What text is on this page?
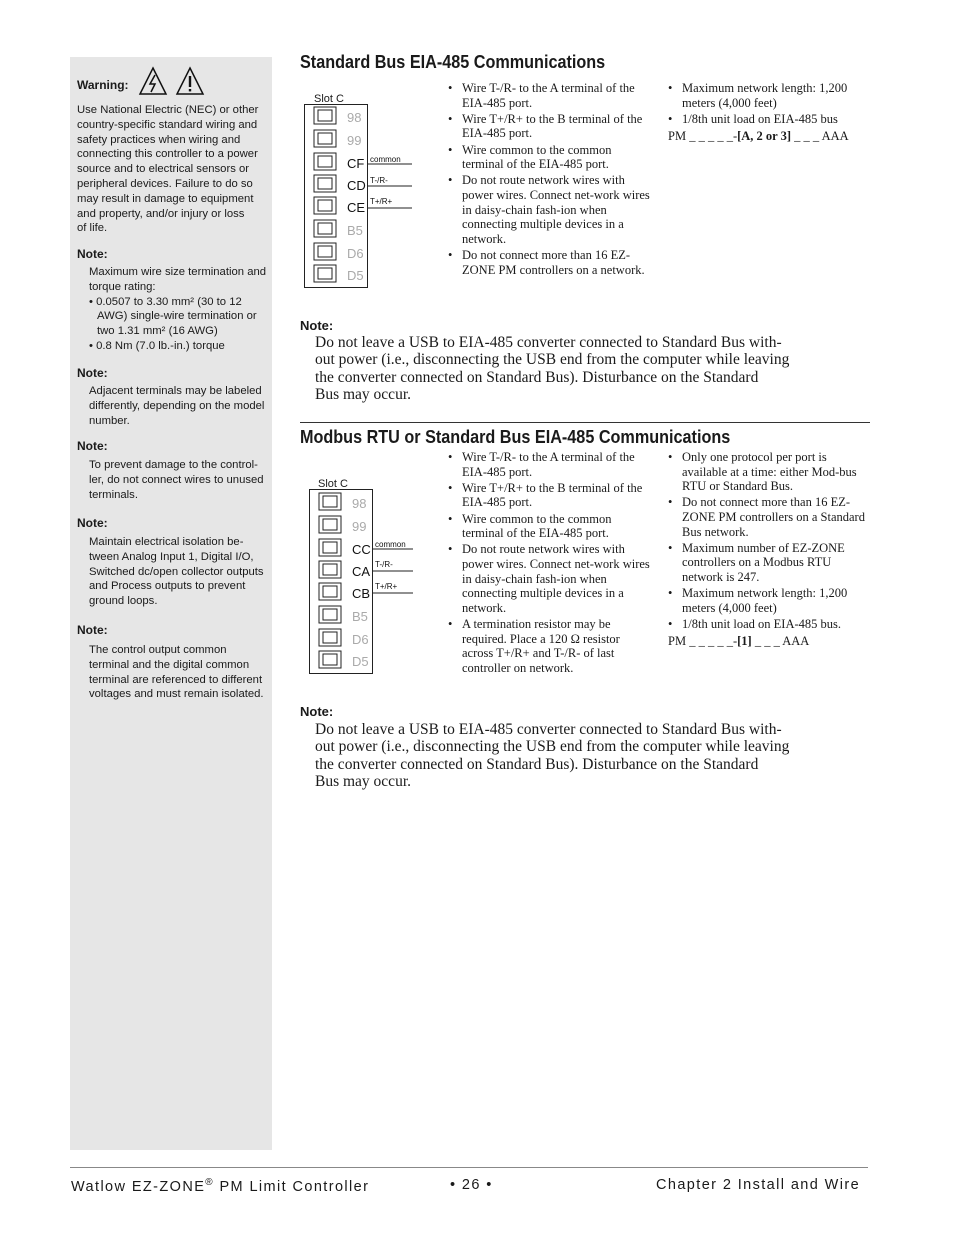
Warning:
Use National Electric (NEC) or other
country-specific standard wiring and
safety practices when wiring and
connecting this controller to a power
source and to electrical sensors or
peripheral devices. Failure to do so
may result in damage to equipment
and property, and/or injury or loss
of life.
Note:
Maximum wire size termination and
torque rating:
• 0.0507 to 3.30 mm² (30 to 12
AWG) single-wire termination or
two 1.31 mm² (16 AWG)
• 0.8 Nm (7.0 lb.-in.) torque
Note:
Adjacent terminals may be labeled
differently, depending on the model
number.
Note:
To prevent damage to the control-
ler, do not connect wires to unused
terminals.
Note:
Maintain electrical isolation be-
tween Analog Input 1, Digital I/O,
Switched dc/open collector outputs
and Process outputs to prevent
ground loops.
Note:
The control output common
terminal and the digital common
terminal are referenced to different
voltages and must remain isolated.
Standard Bus EIA-485 Communications
Slot C
98
99
CF
CD
CE
B5
D6
D5
common
T-/R-
T+/R+
• Wire T-/R- to the A terminal of the EIA-485 port.
• Wire T+/R+ to the B terminal of the EIA-485 port.
• Wire common to the common terminal of the EIA-485 port.
• Do not route network wires with power wires. Connect net-work wires in daisy-chain fash-ion when connecting multiple devices in a network.
• Do not connect more than 16 EZ-ZONE PM controllers on a network.
• Maximum network length: 1,200 meters (4,000 feet)
• 1/8th unit load on EIA-485 bus
PM _ _ _ _ _-[A, 2 or 3] _ _ _ AAA
Note:
Do not leave a USB to EIA-485 converter connected to Standard Bus with-
out power (i.e., disconnecting the USB end from the computer while leaving
the converter connected on Standard Bus). Disturbance on the Standard
Bus may occur.
Modbus RTU or Standard Bus EIA-485 Communications
Slot C
98
99
CC
CA
CB
B5
D6
D5
common
T-/R-
T+/R+
• Wire T-/R- to the A terminal of the EIA-485 port.
• Wire T+/R+ to the B terminal of the EIA-485 port.
• Wire common to the common terminal of the EIA-485 port.
• Do not route network wires with power wires. Connect net-work wires in daisy-chain fash-ion when connecting multiple devices in a network.
• A termination resistor may be required. Place a 120 Ω resistor across T+/R+ and T-/R- of last controller on network.
• Only one protocol per port is available at a time: either Mod-bus RTU or Standard Bus.
• Do not connect more than 16 EZ-ZONE PM controllers on a Standard Bus network.
• Maximum number of EZ-ZONE controllers on a Modbus RTU network is 247.
• Maximum network length: 1,200 meters (4,000 feet)
• 1/8th unit load on EIA-485 bus.
PM _ _ _ _ _-[1] _ _ _ AAA
Note:
Do not leave a USB to EIA-485 converter connected to Standard Bus with-
out power (i.e., disconnecting the USB end from the computer while leaving
the converter connected on Standard Bus). Disturbance on the Standard
Bus may occur.
Watlow EZ-ZONE® PM Limit Controller	• 26 •	Chapter 2 Install and Wire
